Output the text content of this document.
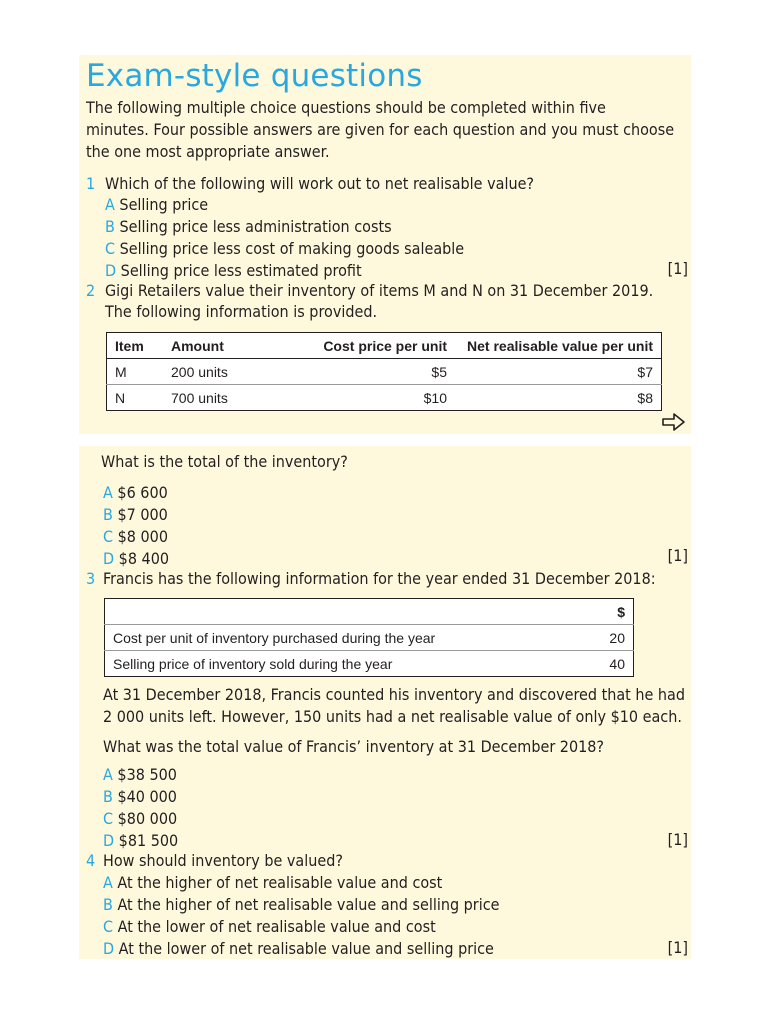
Exam-style questions
The following multiple choice questions should be completed within five
minutes. Four possible answers are given for each question and you must choose
the one most appropriate answer.
1 Which of the following will work out to net realisable value?
A Selling price
B Selling price less administration costs
C Selling price less cost of making goods saleable
D Selling price less estimated profit	[1]
2 Gigi Retailers value their inventory of items M and N on 31 December 2019.
The following information is provided.
Item	Amount	Cost price per unit	Net realisable value per unit
M	200 units	$5	$7
N	700 units	$10	$8
What is the total of the inventory?
A $6 600
B $7 000
C $8 000
D $8 400	[1]
3 Francis has the following information for the year ended 31 December 2018:
	$
Cost per unit of inventory purchased during the year	20
Selling price of inventory sold during the year	40
At 31 December 2018, Francis counted his inventory and discovered that he had
2 000 units left. However, 150 units had a net realisable value of only $10 each.
What was the total value of Francis’ inventory at 31 December 2018?
A $38 500
B $40 000
C $80 000
D $81 500	[1]
4 How should inventory be valued?
A At the higher of net realisable value and cost
B At the higher of net realisable value and selling price
C At the lower of net realisable value and cost
D At the lower of net realisable value and selling price	[1]
